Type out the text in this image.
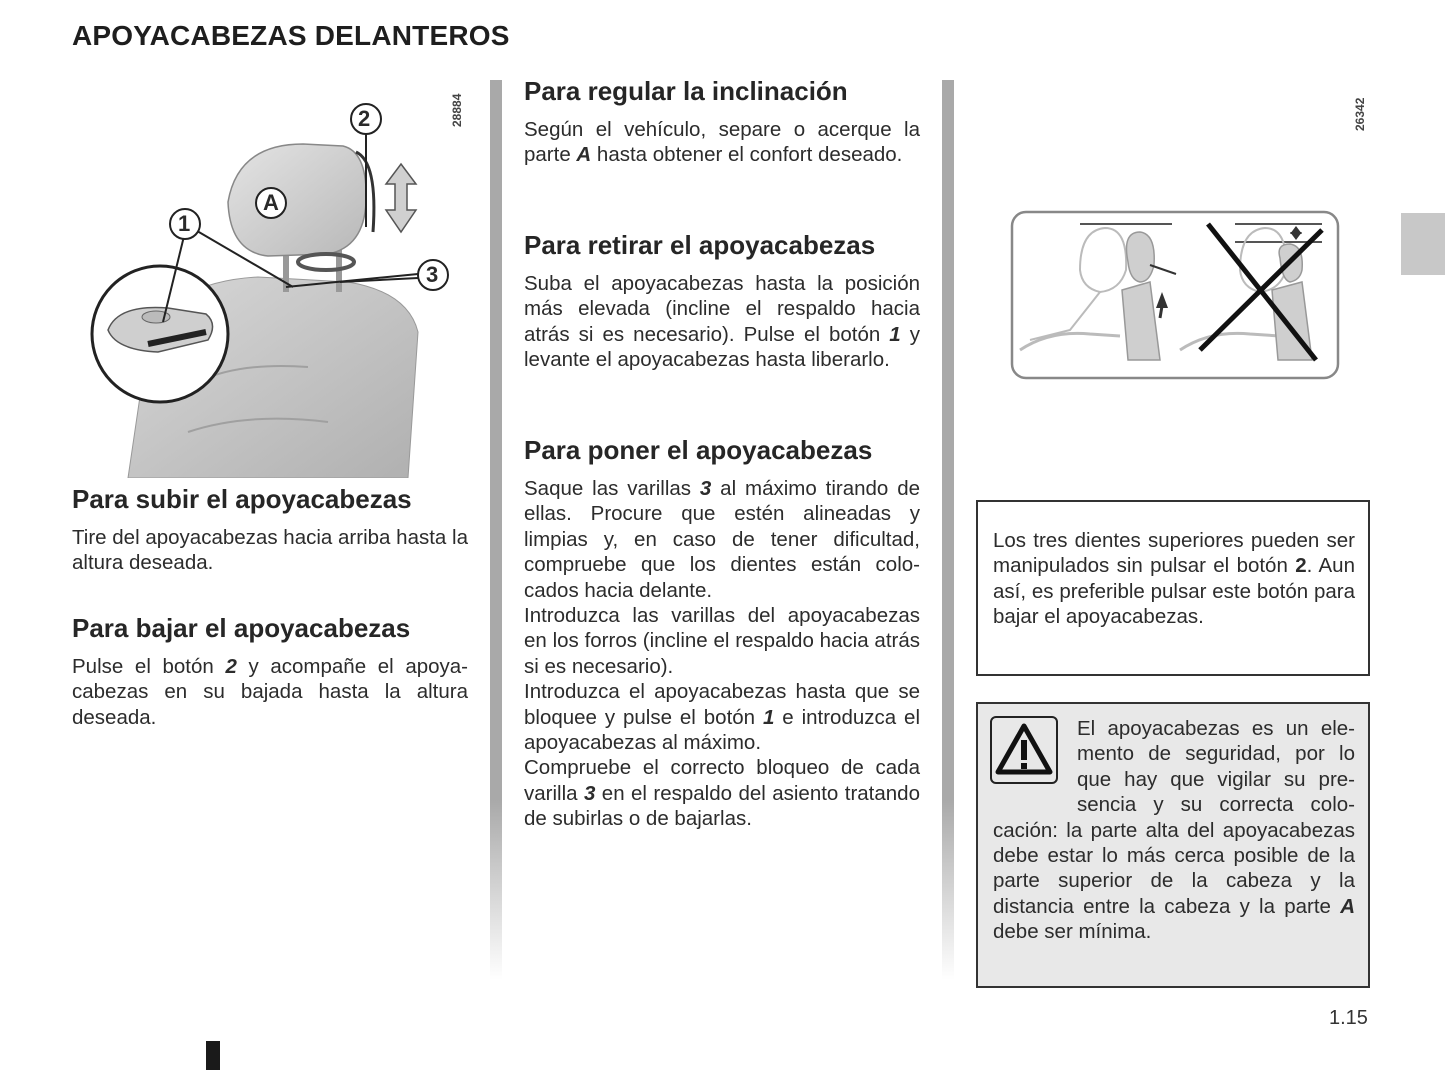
APOYACABEZAS DELANTEROS
2
A
1
3
28884	26342
Para subir el apoyacabezas

Tire del apoyacabezas hacia arriba hasta la altura deseada.

Para bajar el apoyacabezas

Pulse el botón 2 y acompañe el apoyacabezas en su bajada hasta la altura deseada.

Para regular la inclinación

Según el vehículo, separe o acerque la parte A hasta obtener el confort deseado.

Para retirar el apoyacabezas

Suba el apoyacabezas hasta la posición más elevada (incline el respaldo hacia atrás si es necesario). Pulse el botón 1 y levante el apoyacabezas hasta liberarlo.

Para poner el apoyacabezas

Saque las varillas 3 al máximo tirando de ellas. Procure que estén alineadas y limpias y, en caso de tener dificultad, compruebe que los dientes están colocados hacia delante.

Introduzca las varillas del apoyacabezas en los forros (incline el respaldo hacia atrás si es necesario).

Introduzca el apoyacabezas hasta que se bloquee y pulse el botón 1 e introduzca el apoyacabezas al máximo.

Compruebe el correcto bloqueo de cada varilla 3 en el respaldo del asiento tratando de subirlas o de bajarlas.

Los tres dientes superiores pueden ser manipulados sin pulsar el botón 2. Aun así, es preferible pulsar este botón para bajar el apoyacabezas.

El apoyacabezas es un elemento de seguridad, por lo que hay que vigilar su presencia y su correcta colocación: la parte alta del apoyacabezas debe estar lo más cerca posible de la parte superior de la cabeza y la distancia entre la cabeza y la parte A debe ser mínima.

1.15
